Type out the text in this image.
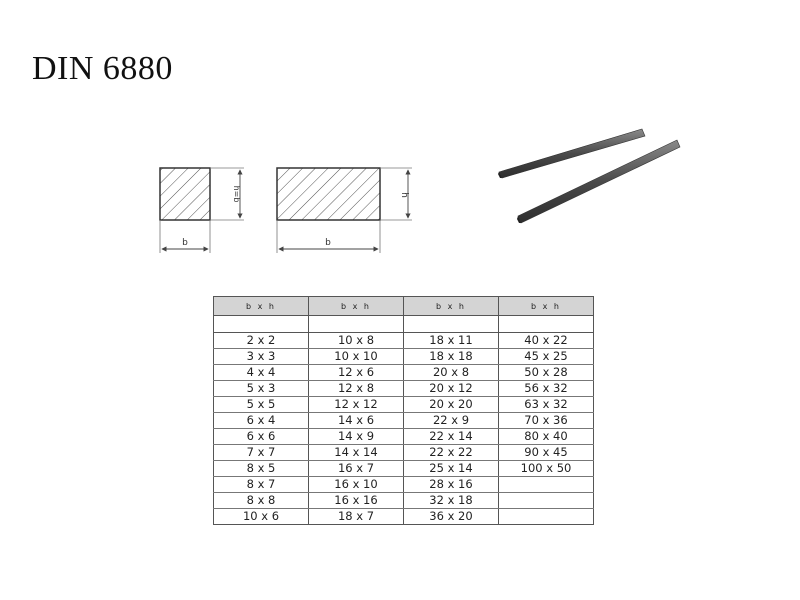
DIN 6880
h=b
b
h
b
b x h	b x h	b x h	b x h

2 x 2	10 x 8	18 x 11	40 x 22
3 x 3	10 x 10	18 x 18	45 x 25
4 x 4	12 x 6	20 x 8	50 x 28
5 x 3	12 x 8	20 x 12	56 x 32
5 x 5	12 x 12	20 x 20	63 x 32
6 x 4	14 x 6	22 x 9	70 x 36
6 x 6	14 x 9	22 x 14	80 x 40
7 x 7	14 x 14	22 x 22	90 x 45
8 x 5	16 x 7	25 x 14	100 x 50
8 x 7	16 x 10	28 x 16	
8 x 8	16 x 16	32 x 18	
10 x 6	18 x 7	36 x 20	
